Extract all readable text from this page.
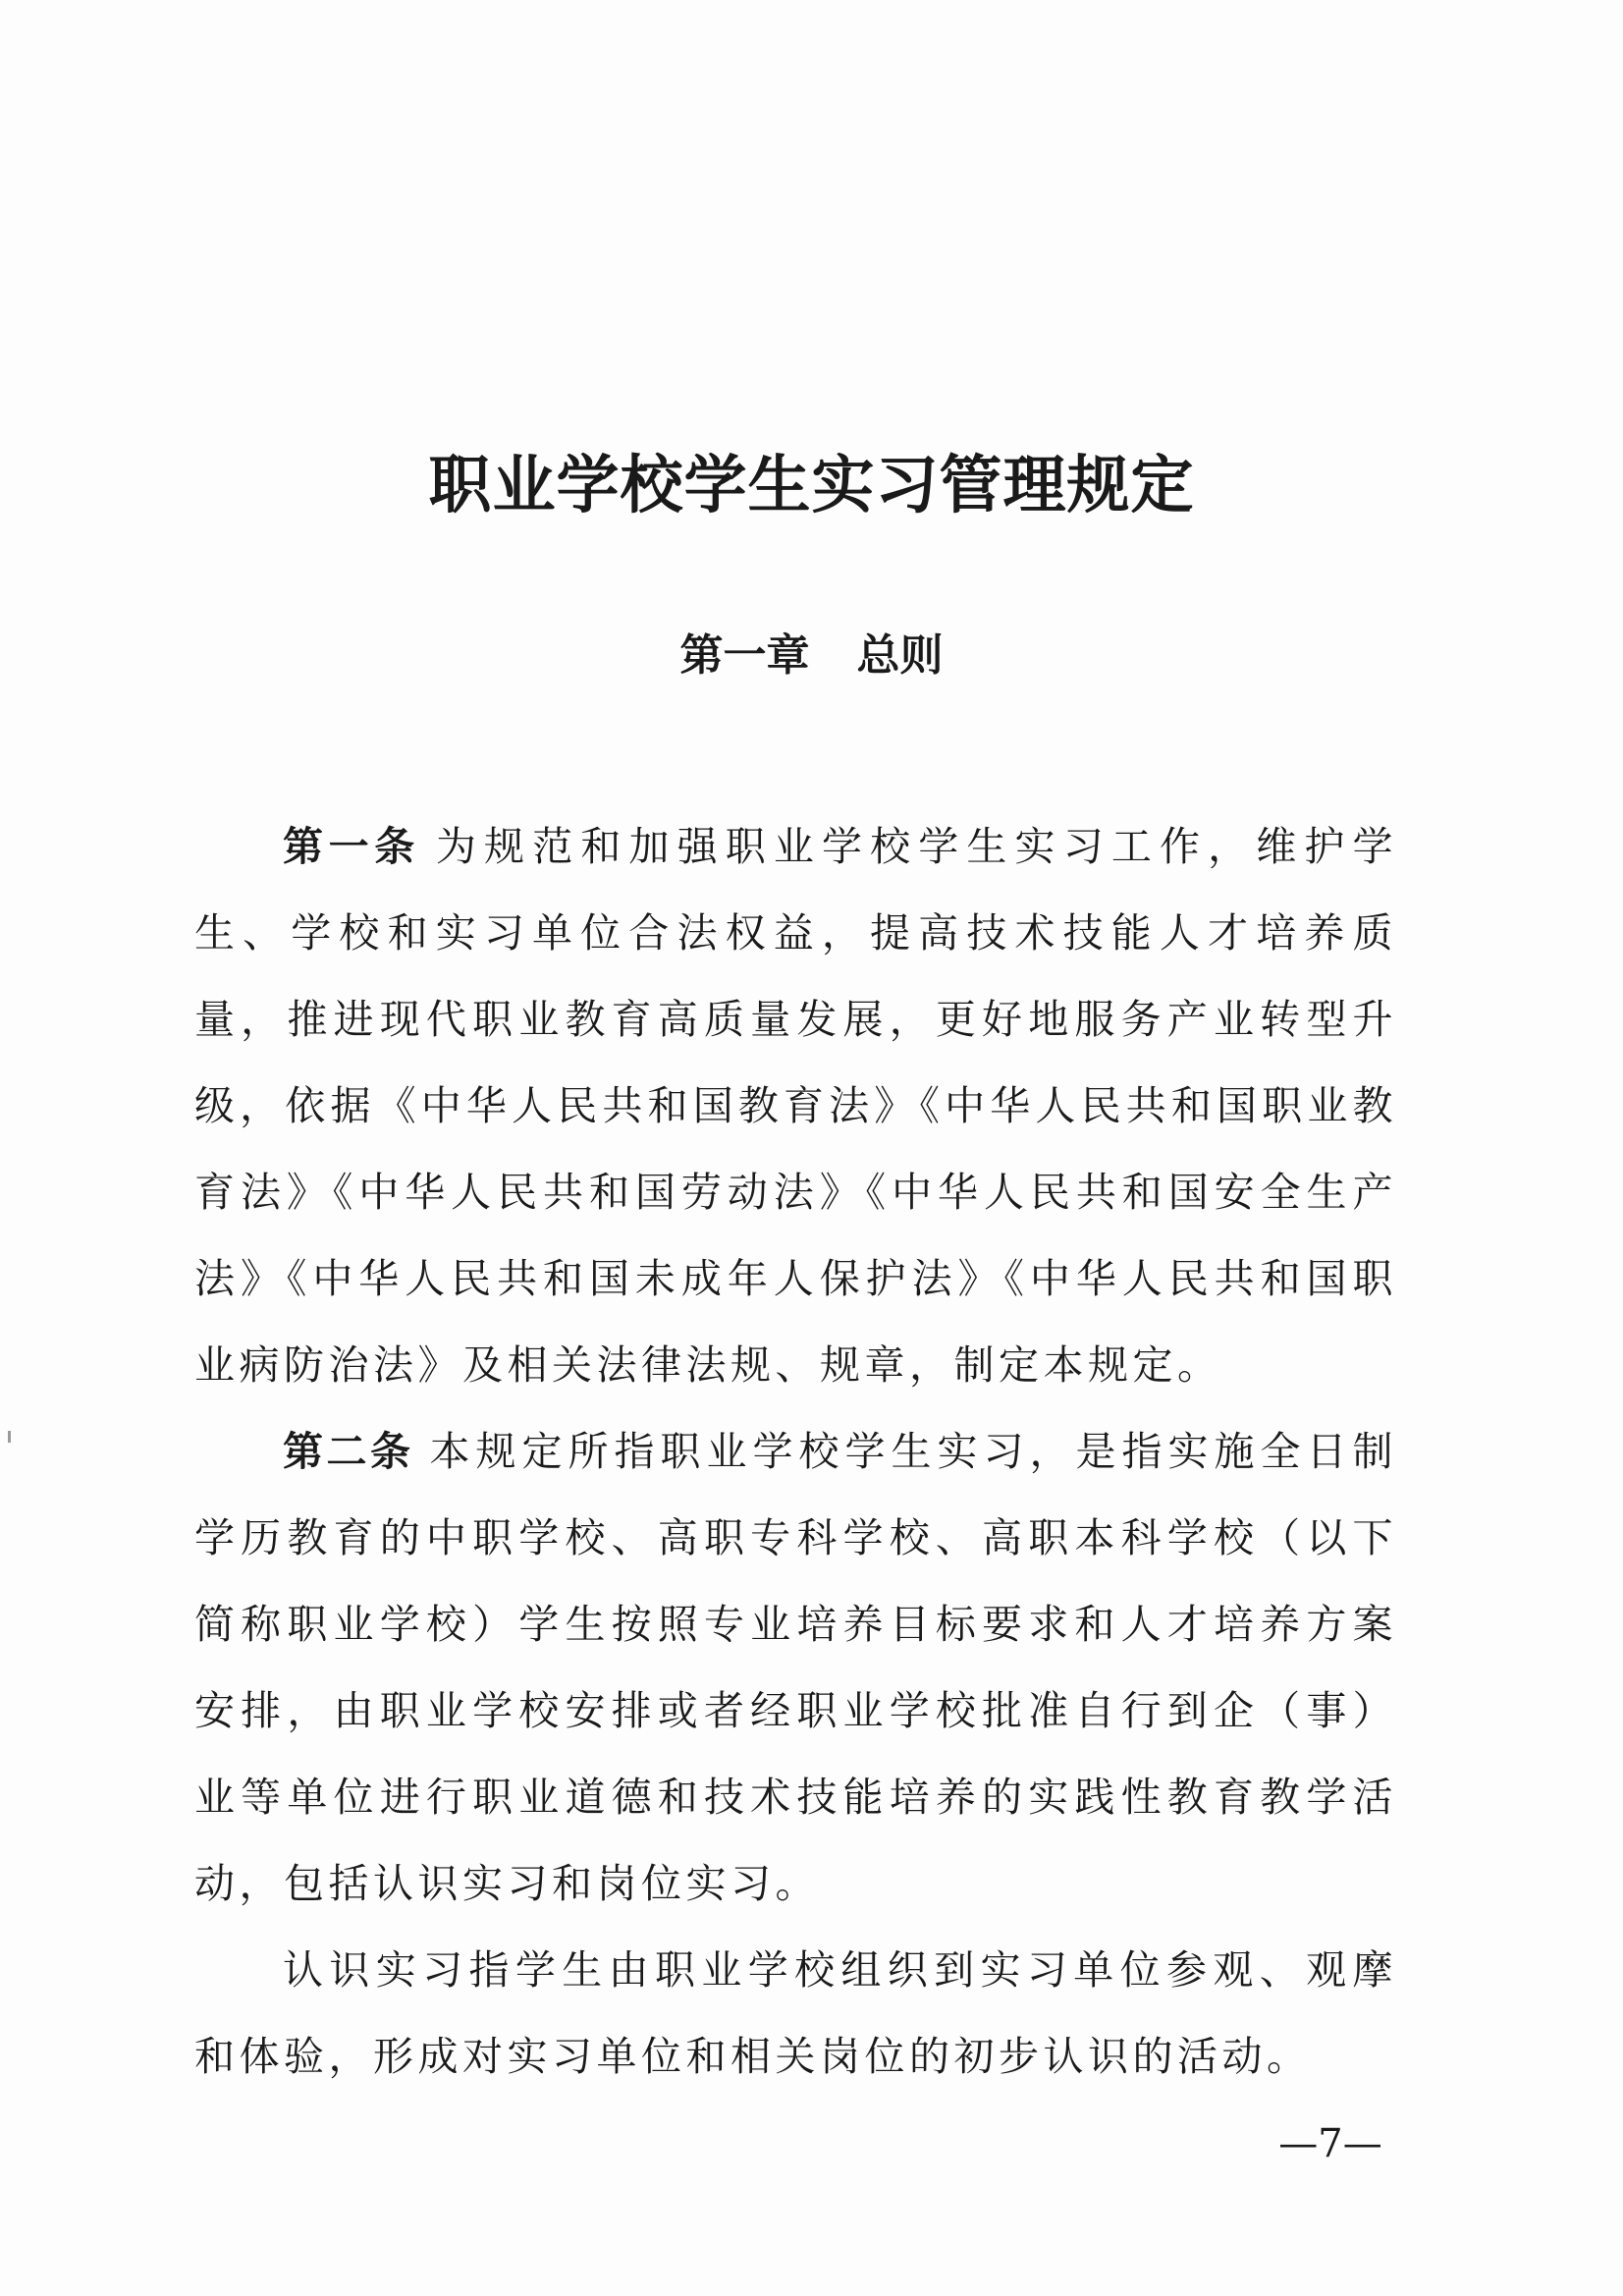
职业学校学生实习管理规定
第一章 总则

第一条 为规范和加强职业学校学生实习工作，维护学生、学校和实习单位合法权益，提高技术技能人才培养质量，推进现代职业教育高质量发展，更好地服务产业转型升级，依据《中华人民共和国教育法》《中华人民共和国职业教育法》《中华人民共和国劳动法》《中华人民共和国安全生产法》《中华人民共和国未成年人保护法》《中华人民共和国职业病防治法》及相关法律法规、规章，制定本规定。

第二条 本规定所指职业学校学生实习，是指实施全日制学历教育的中职学校、高职专科学校、高职本科学校（以下简称职业学校）学生按照专业培养目标要求和人才培养方案安排，由职业学校安排或者经职业学校批准自行到企（事）业等单位进行职业道德和技术技能培养的实践性教育教学活动，包括认识实习和岗位实习。

认识实习指学生由职业学校组织到实习单位参观、观摩和体验，形成对实习单位和相关岗位的初步认识的活动。

—7—
